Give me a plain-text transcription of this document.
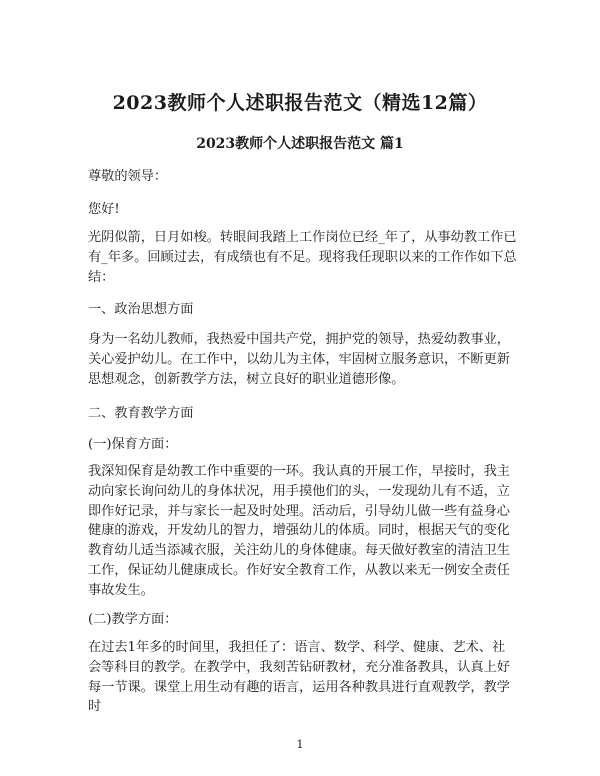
2023教师个人述职报告范文（精选12篇）
2023教师个人述职报告范文 篇1
尊敬的领导：
您好!
光阴似箭，日月如梭。转眼间我踏上工作岗位已经_年了，从事幼教工作已有_年多。回顾过去，有成绩也有不足。现将我任现职以来的工作作如下总结：
一、政治思想方面
身为一名幼儿教师，我热爱中国共产党，拥护党的领导，热爱幼教事业，关心爱护幼儿。在工作中，以幼儿为主体，牢固树立服务意识，不断更新思想观念，创新教学方法，树立良好的职业道德形像。
二、教育教学方面
(一)保育方面：
我深知保育是幼教工作中重要的一环。我认真的开展工作，早接时，我主动向家长询问幼儿的身体状况，用手摸他们的头，一发现幼儿有不适，立即作好记录，并与家长一起及时处理。活动后，引导幼儿做一些有益身心健康的游戏，开发幼儿的智力，增强幼儿的体质。同时，根据天气的变化教育幼儿适当添减衣服，关注幼儿的身体健康。每天做好教室的清洁卫生工作，保证幼儿健康成长。作好安全教育工作，从教以来无一例安全责任事故发生。
(二)教学方面：
在过去1年多的时间里，我担任了：语言、数学、科学、健康、艺术、社会等科目的教学。在教学中，我刻苦钻研教材，充分准备教具，认真上好每一节课。课堂上用生动有趣的语言，运用各种教具进行直观教学，教学时
1
